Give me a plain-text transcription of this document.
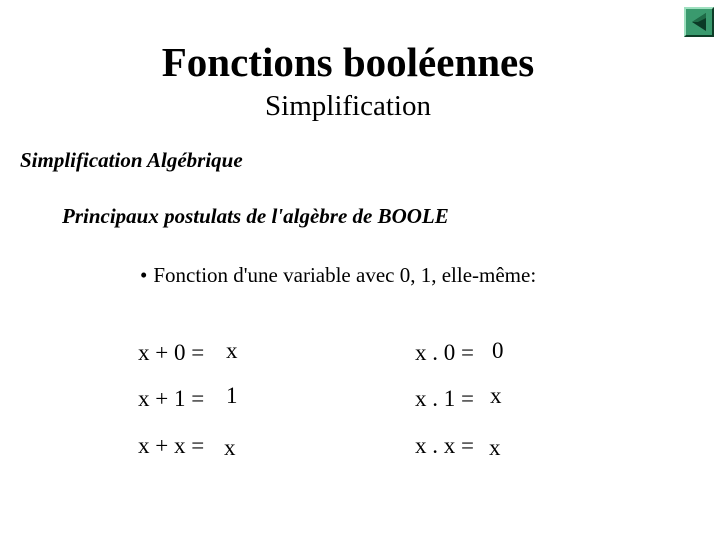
Fonctions booléennes
Simplification
Simplification Algébrique
Principaux postulats de l'algèbre de BOOLE
• Fonction d'une variable avec 0, 1, elle-même:
x + 0 = x
x + 1 = 1
x + x = x
x . 0 = 0
x . 1 = x
x . x = x
